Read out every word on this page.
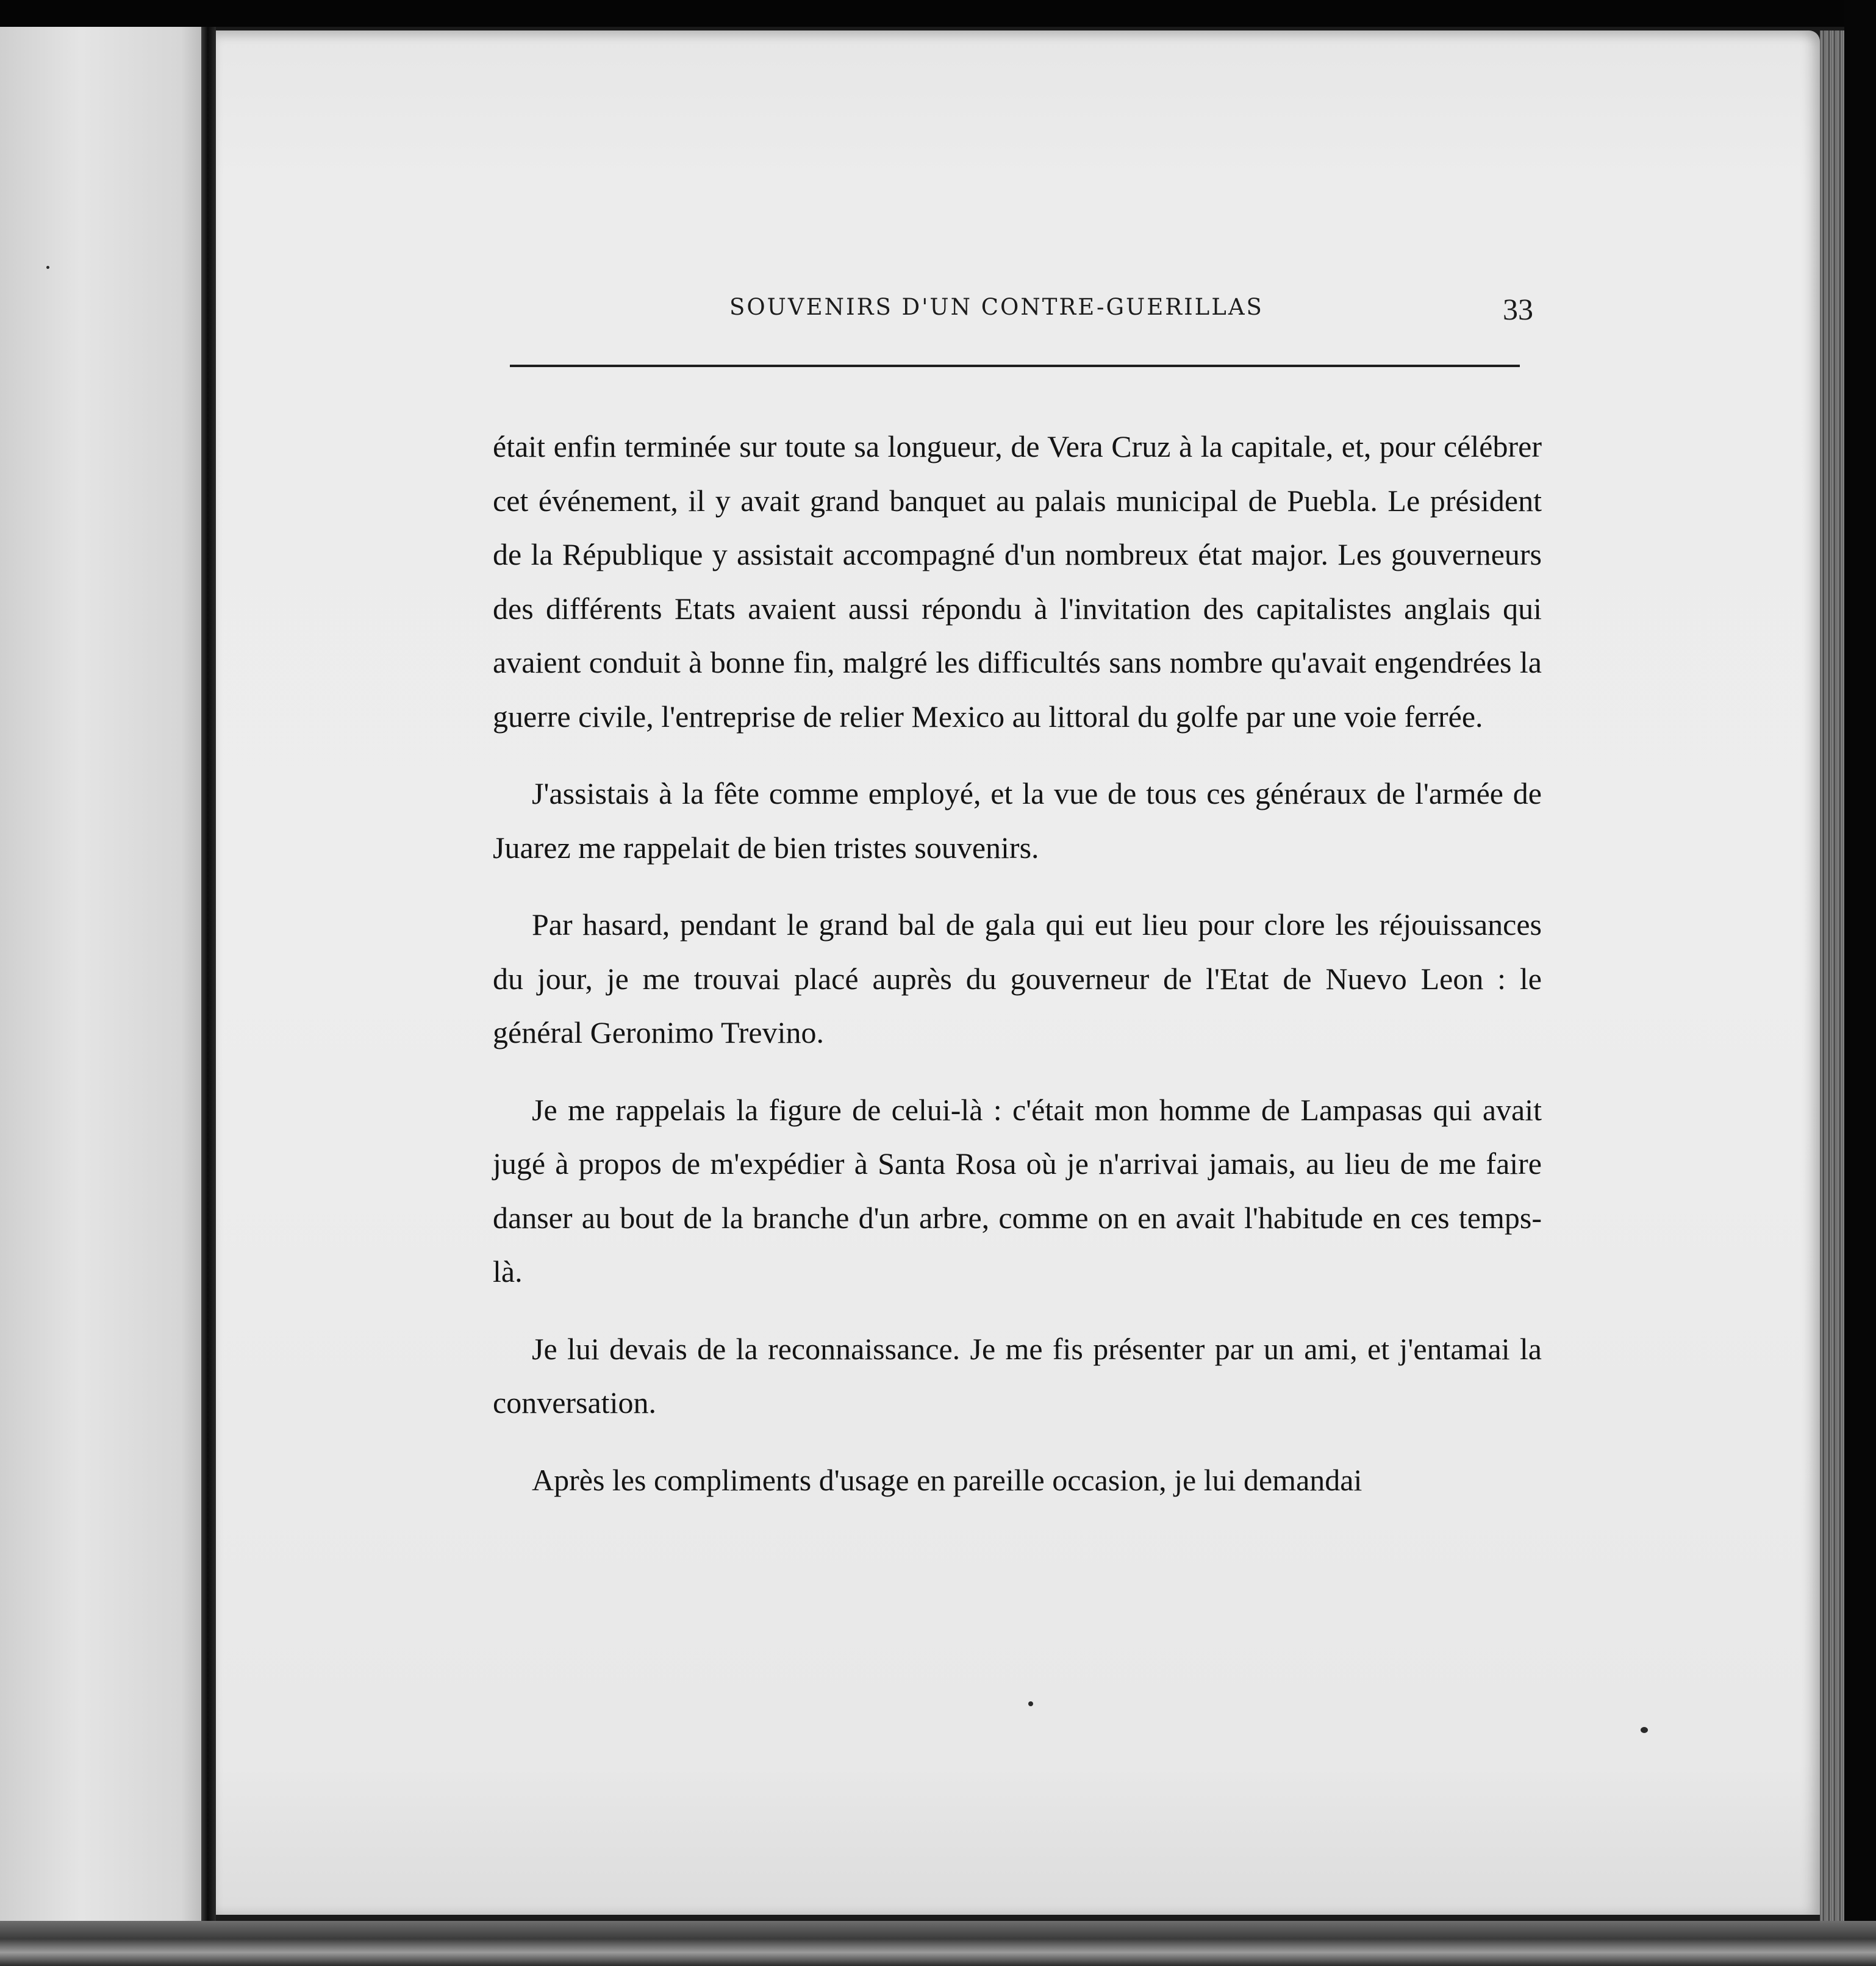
SOUVENIRS D'UN CONTRE-GUERILLAS	33

était enfin terminée sur toute sa longueur, de Vera Cruz à la capitale, et, pour célébrer cet événement, il y avait grand banquet au palais municipal de Puebla. Le président de la République y assistait accompagné d'un nombreux état major. Les gouverneurs des différents Etats avaient aussi répondu à l'invitation des capitalistes anglais qui avaient conduit à bonne fin, malgré les difficultés sans nombre qu'avait engendrées la guerre civile, l'entreprise de relier Mexico au littoral du golfe par une voie ferrée.

J'assistais à la fête comme employé, et la vue de tous ces généraux de l'armée de Juarez me rappelait de bien tristes souvenirs.

Par hasard, pendant le grand bal de gala qui eut lieu pour clore les réjouissances du jour, je me trouvai placé auprès du gouverneur de l'Etat de Nuevo Leon : le général Geronimo Trevino.

Je me rappelais la figure de celui-là : c'était mon homme de Lampasas qui avait jugé à propos de m'expédier à Santa Rosa où je n'arrivai jamais, au lieu de me faire danser au bout de la branche d'un arbre, comme on en avait l'habitude en ces temps-là.

Je lui devais de la reconnaissance. Je me fis présenter par un ami, et j'entamai la conversation.

Après les compliments d'usage en pareille occasion, je lui demandai
